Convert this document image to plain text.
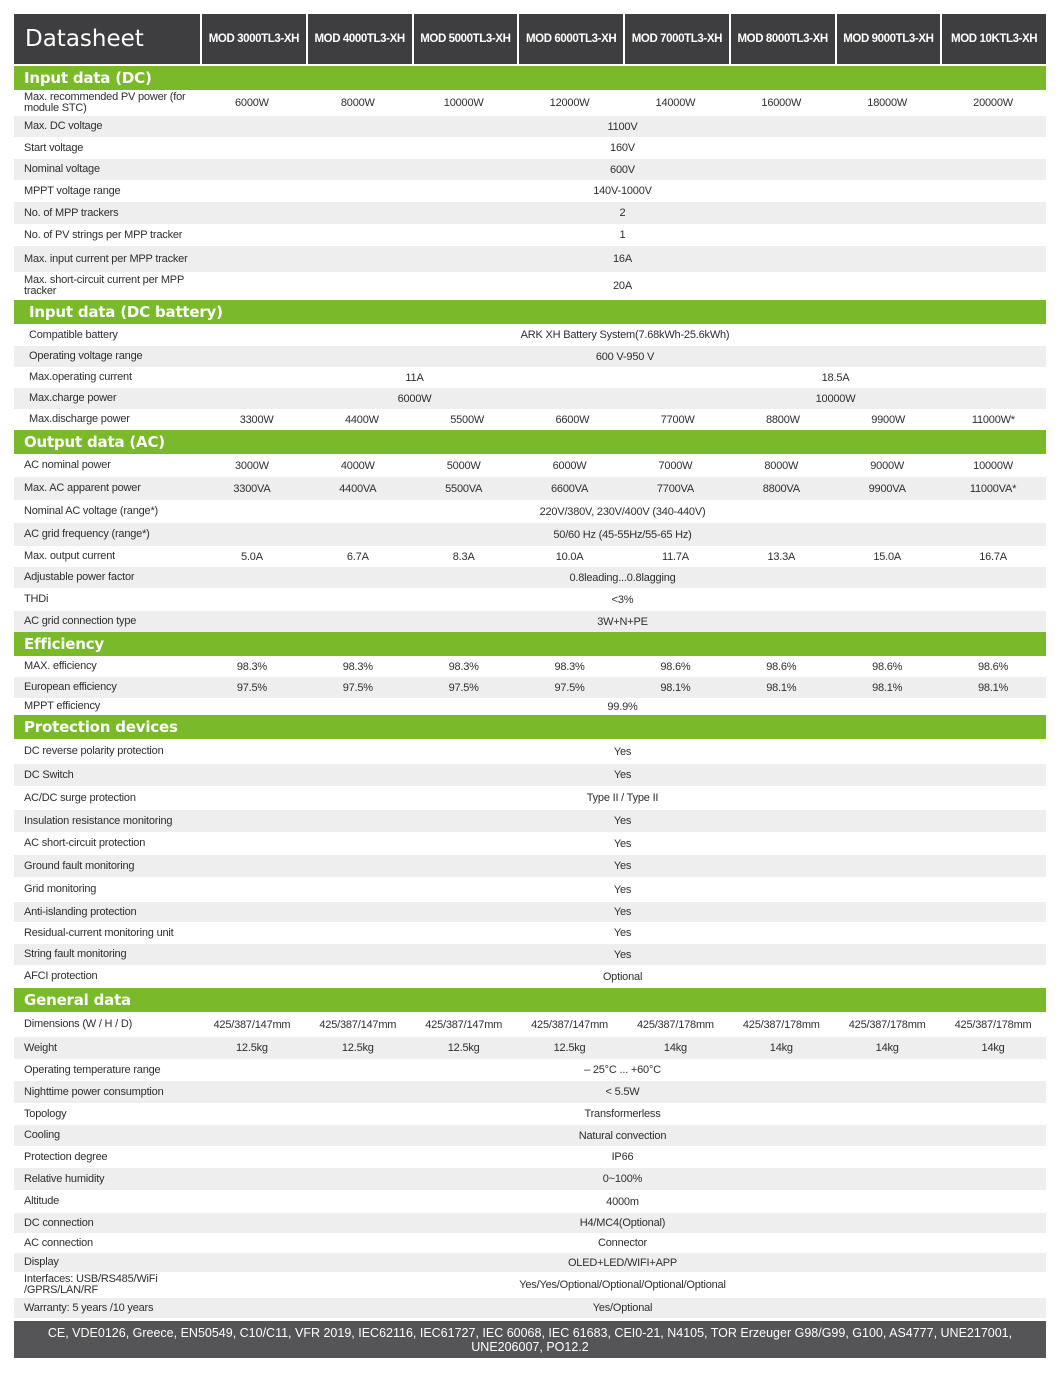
Datasheet	MOD 3000TL3-XH	MOD 4000TL3-XH	MOD 5000TL3-XH	MOD 6000TL3-XH	MOD 7000TL3-XH	MOD 8000TL3-XH	MOD 9000TL3-XH	MOD 10KTL3-XH
Input data (DC)
Max. recommended PV power (for module STC)	6000W	8000W	10000W	12000W	14000W	16000W	18000W	20000W
Max. DC voltage	1100V
Start voltage	160V
Nominal voltage	600V
MPPT voltage range	140V-1000V
No. of MPP trackers	2
No. of PV strings per MPP tracker	1
Max. input current per MPP tracker	16A
Max. short-circuit current per MPP tracker	20A
Input data (DC battery)
Compatible battery	ARK XH Battery System(7.68kWh-25.6kWh)
Operating voltage range	600 V-950 V
Max.operating current	11A	18.5A
Max.charge power	6000W	10000W
Max.discharge power	3300W	4400W	5500W	6600W	7700W	8800W	9900W	11000W*
Output data (AC)
AC nominal power	3000W	4000W	5000W	6000W	7000W	8000W	9000W	10000W
Max. AC apparent power	3300VA	4400VA	5500VA	6600VA	7700VA	8800VA	9900VA	11000VA*
Nominal AC voltage (range*)	220V/380V, 230V/400V (340-440V)
AC grid frequency (range*)	50/60 Hz (45-55Hz/55-65 Hz)
Max. output current	5.0A	6.7A	8.3A	10.0A	11.7A	13.3A	15.0A	16.7A
Adjustable power factor	0.8leading...0.8lagging
THDi	<3%
AC grid connection type	3W+N+PE
Efficiency
MAX. efficiency	98.3%	98.3%	98.3%	98.3%	98.6%	98.6%	98.6%	98.6%
European efficiency	97.5%	97.5%	97.5%	97.5%	98.1%	98.1%	98.1%	98.1%
MPPT efficiency	99.9%
Protection devices
DC reverse polarity protection	Yes
DC Switch	Yes
AC/DC surge protection	Type II / Type II
Insulation resistance monitoring	Yes
AC short-circuit protection	Yes
Ground fault monitoring	Yes
Grid monitoring	Yes
Anti-islanding protection	Yes
Residual-current monitoring unit	Yes
String fault monitoring	Yes
AFCI protection	Optional
General data
Dimensions (W / H / D)	425/387/147mm	425/387/147mm	425/387/147mm	425/387/147mm	425/387/178mm	425/387/178mm	425/387/178mm	425/387/178mm
Weight	12.5kg	12.5kg	12.5kg	12.5kg	14kg	14kg	14kg	14kg
Operating temperature range	– 25°C ... +60°C
Nighttime power consumption	< 5.5W
Topology	Transformerless
Cooling	Natural convection
Protection degree	IP66
Relative humidity	0~100%
Altitude	4000m
DC connection	H4/MC4(Optional)
AC connection	Connector
Display	OLED+LED/WIFI+APP
Interfaces: USB/RS485/WiFi /GPRS/LAN/RF	Yes/Yes/Optional/Optional/Optional/Optional
Warranty: 5 years /10 years	Yes/Optional
CE, VDE0126, Greece, EN50549, C10/C11, VFR 2019, IEC62116, IEC61727, IEC 60068, IEC 61683, CEI0-21, N4105, TOR Erzeuger G98/G99, G100, AS4777, UNE217001, UNE206007, PO12.2
